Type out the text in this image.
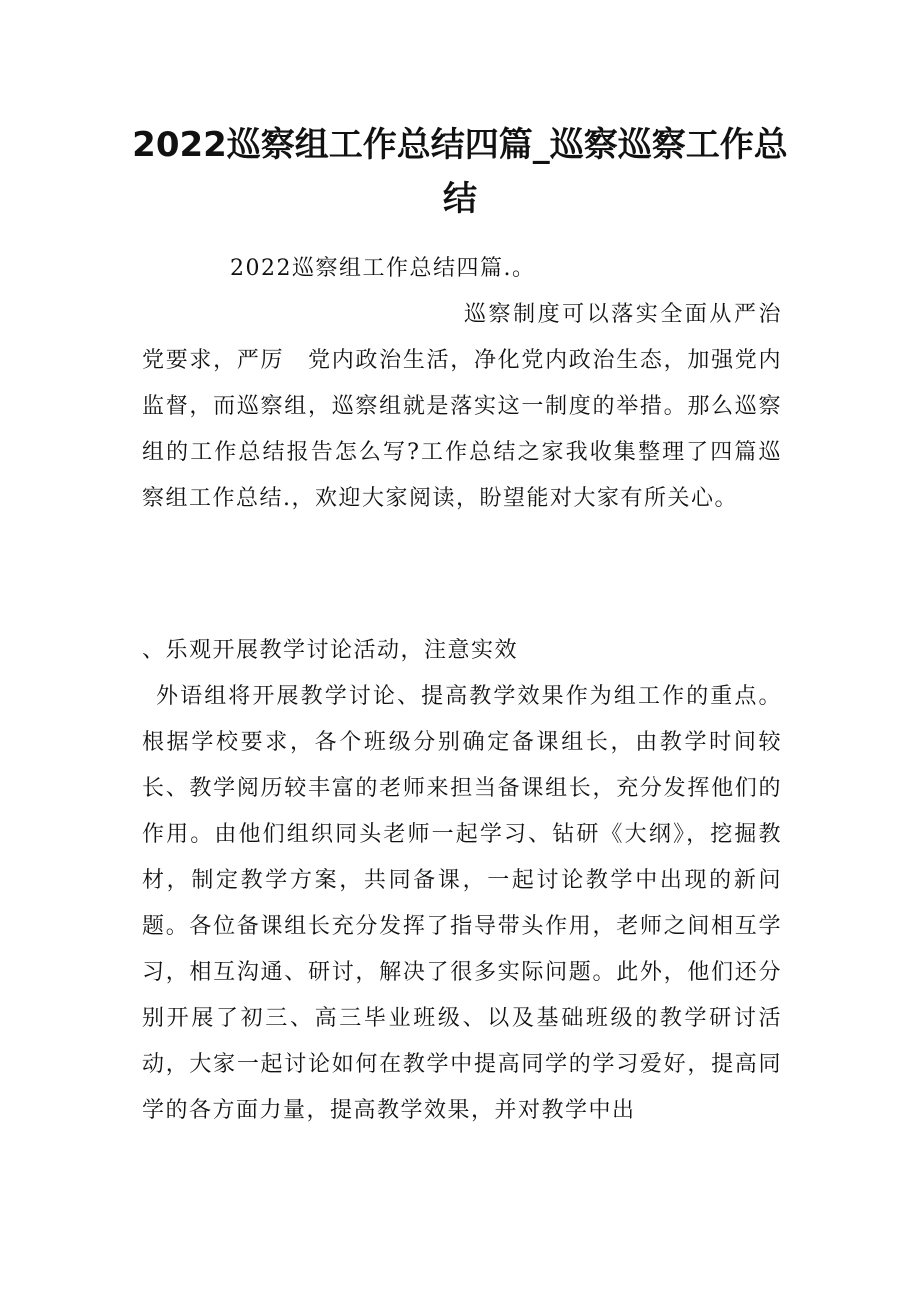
2022巡察组工作总结四篇_巡察巡察工作总结

2022巡察组工作总结四篇.。

巡察制度可以落实全面从严治党要求，严厉　党内政治生活，净化党内政治生态，加强党内监督，而巡察组，巡察组就是落实这一制度的举措。那么巡察组的工作总结报告怎么写?工作总结之家我收集整理了四篇巡察组工作总结.，欢迎大家阅读，盼望能对大家有所关心。

、乐观开展教学讨论活动，注意实效

外语组将开展教学讨论、提高教学效果作为组工作的重点。根据学校要求，各个班级分别确定备课组长，由教学时间较长、教学阅历较丰富的老师来担当备课组长，充分发挥他们的作用。由他们组织同头老师一起学习、钻研《大纲》，挖掘教材，制定教学方案，共同备课，一起讨论教学中出现的新问题。各位备课组长充分发挥了指导带头作用，老师之间相互学习，相互沟通、研讨，解决了很多实际问题。此外，他们还分别开展了初三、高三毕业班级、以及基础班级的教学研讨活动，大家一起讨论如何在教学中提高同学的学习爱好，提高同学的各方面力量，提高教学效果，并对教学中出
